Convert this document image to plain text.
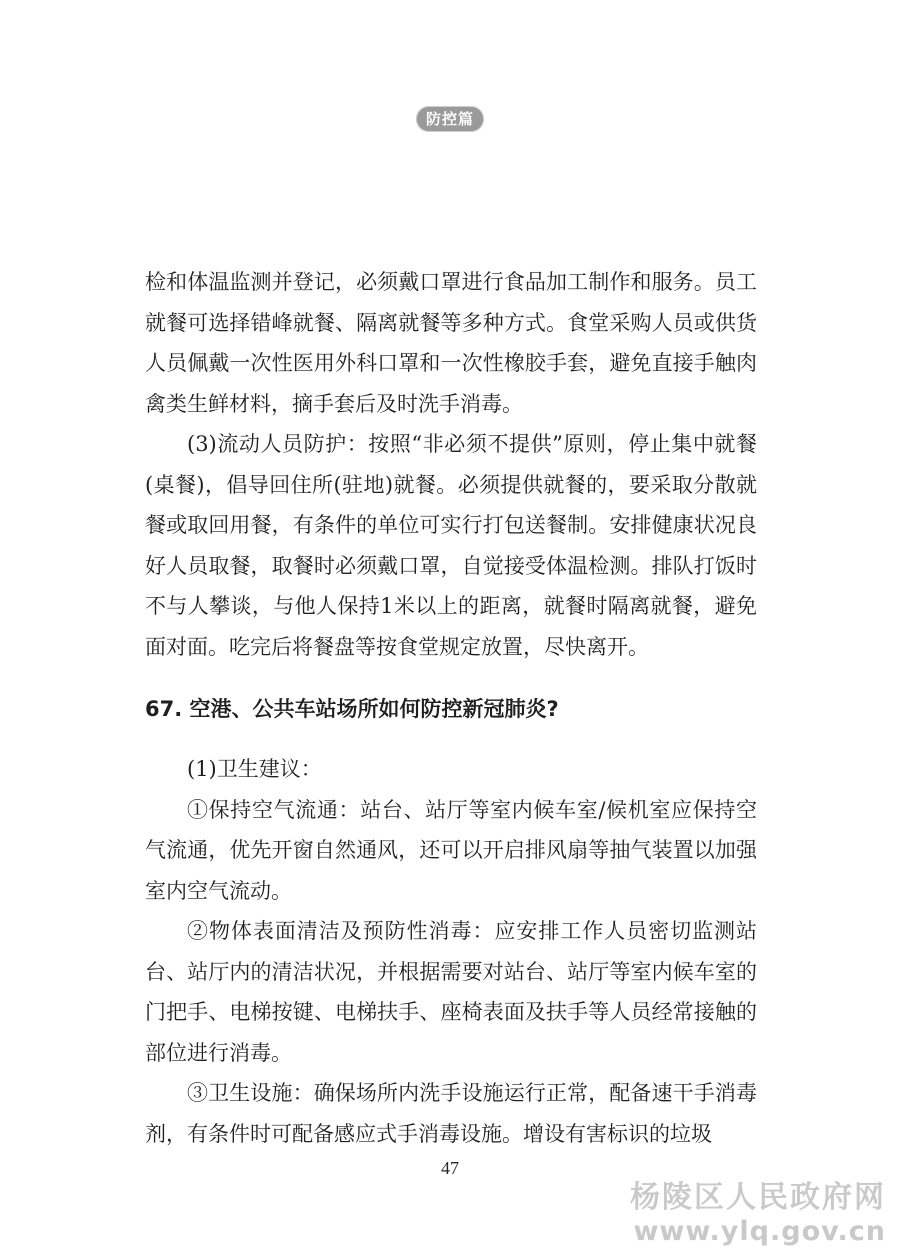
防控篇

检和体温监测并登记，必须戴口罩进行食品加工制作和服务。员工就餐可选择错峰就餐、隔离就餐等多种方式。食堂采购人员或供货人员佩戴一次性医用外科口罩和一次性橡胶手套，避免直接手触肉禽类生鲜材料，摘手套后及时洗手消毒。

(3)流动人员防护：按照“非必须不提供”原则，停止集中就餐(桌餐)，倡导回住所(驻地)就餐。必须提供就餐的，要采取分散就餐或取回用餐，有条件的单位可实行打包送餐制。安排健康状况良好人员取餐，取餐时必须戴口罩，自觉接受体温检测。排队打饭时不与人攀谈，与他人保持1米以上的距离，就餐时隔离就餐，避免面对面。吃完后将餐盘等按食堂规定放置，尽快离开。

67. 空港、公共车站场所如何防控新冠肺炎?

(1)卫生建议：

①保持空气流通：站台、站厅等室内候车室/候机室应保持空气流通，优先开窗自然通风，还可以开启排风扇等抽气装置以加强室内空气流动。

②物体表面清洁及预防性消毒：应安排工作人员密切监测站台、站厅内的清洁状况，并根据需要对站台、站厅等室内候车室的门把手、电梯按键、电梯扶手、座椅表面及扶手等人员经常接触的部位进行消毒。

③卫生设施：确保场所内洗手设施运行正常，配备速干手消毒剂，有条件时可配备感应式手消毒设施。增设有害标识的垃圾

47
杨陵区人民政府网
www.ylq.gov.cn
